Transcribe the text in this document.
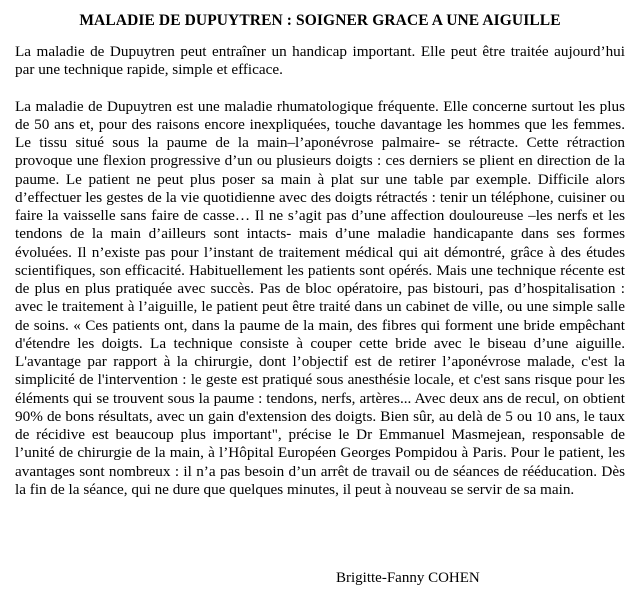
MALADIE DE DUPUYTREN : SOIGNER GRACE A UNE AIGUILLE

La maladie de Dupuytren peut entraîner un handicap important. Elle peut être traitée aujourd’hui par une technique rapide, simple et efficace.

La maladie de Dupuytren est une maladie rhumatologique fréquente. Elle concerne surtout les plus de 50 ans et, pour des raisons encore inexpliquées, touche davantage les hommes que les femmes. Le tissu situé sous la paume de la main–l’aponévrose palmaire- se rétracte. Cette rétraction provoque une flexion progressive d’un ou plusieurs doigts : ces derniers se plient en direction de la paume. Le patient ne peut plus poser sa main à plat sur une table par exemple. Difficile alors d’effectuer les gestes de la vie quotidienne avec des doigts rétractés : tenir un téléphone, cuisiner ou faire la vaisselle sans faire de casse… Il ne s’agit pas d’une affection douloureuse –les nerfs et les tendons de la main d’ailleurs sont intacts- mais d’une maladie handicapante dans ses formes évoluées. Il n’existe pas pour l’instant de traitement médical qui ait démontré, grâce à des études scientifiques, son efficacité. Habituellement les patients sont opérés. Mais une technique récente est de plus en plus pratiquée avec succès. Pas de bloc opératoire, pas bistouri, pas d’hospitalisation : avec le traitement à l’aiguille, le patient peut être traité dans un cabinet de ville, ou une simple salle de soins. « Ces patients ont, dans la paume de la main, des fibres qui forment une bride empêchant d'étendre les doigts. La technique consiste à couper cette bride avec le biseau d’une aiguille. L'avantage par rapport à la chirurgie, dont l’objectif est de retirer l’aponévrose malade, c'est la simplicité de l'intervention : le geste est pratiqué sous anesthésie locale, et c'est sans risque pour les éléments qui se trouvent sous la paume : tendons, nerfs, artères... Avec deux ans de recul, on obtient 90% de bons résultats, avec un gain d'extension des doigts. Bien sûr, au delà de 5 ou 10 ans, le taux de récidive est beaucoup plus important", précise le Dr Emmanuel Masmejean, responsable de l’unité de chirurgie de la main, à l’Hôpital Européen Georges Pompidou à Paris. Pour le patient, les avantages sont nombreux : il n’a pas besoin d’un arrêt de travail ou de séances de rééducation. Dès la fin de la séance, qui ne dure que quelques minutes, il peut à nouveau se servir de sa main.

Brigitte-Fanny COHEN
